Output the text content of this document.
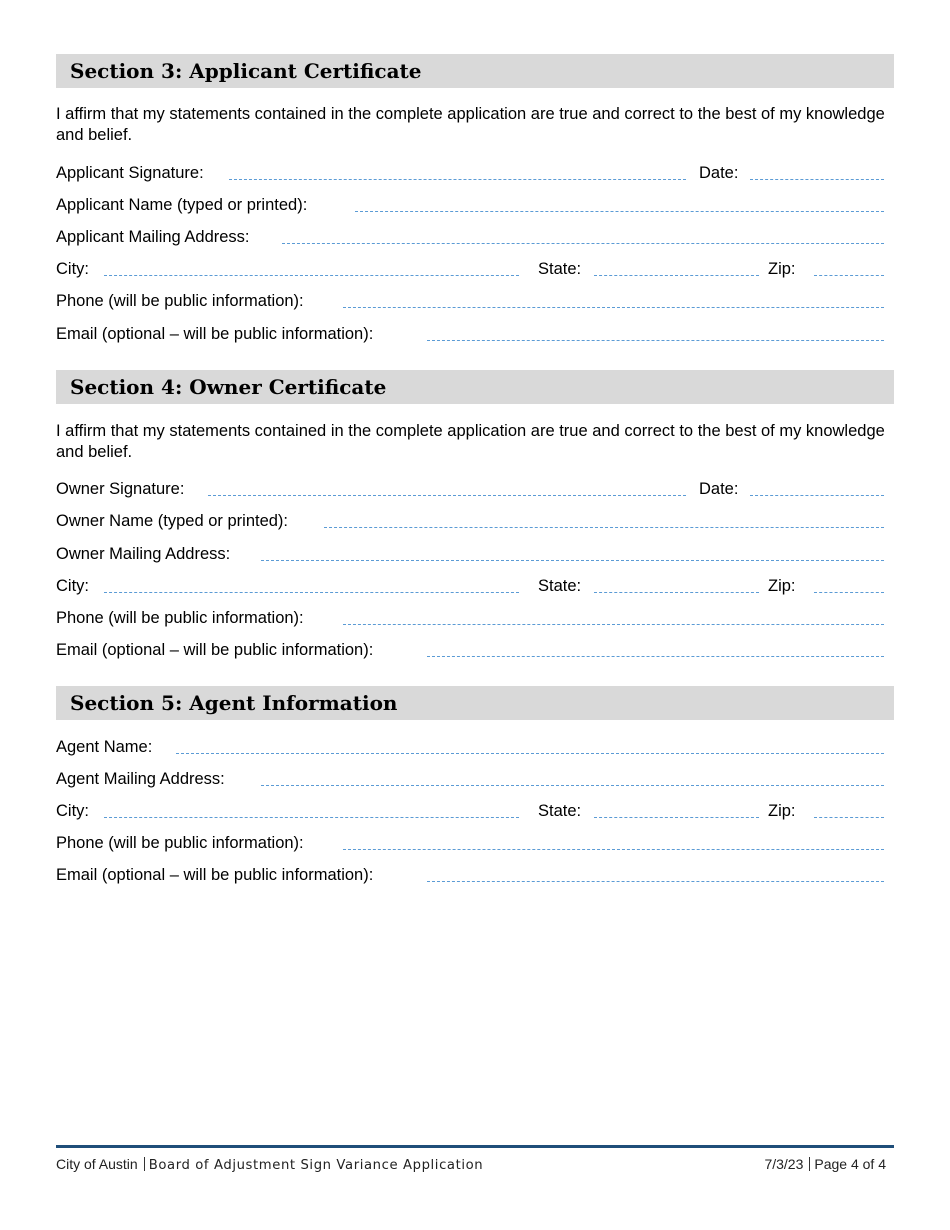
Section 3: Applicant Certificate
I affirm that my statements contained in the complete application are true and correct to the best of my knowledge and belief.
Applicant Signature:	Date:
Applicant Name (typed or printed):
Applicant Mailing Address:
City:	State:	Zip:
Phone (will be public information):
Email (optional – will be public information):
Section 4: Owner Certificate
I affirm that my statements contained in the complete application are true and correct to the best of my knowledge and belief.
Owner Signature:	Date:
Owner Name (typed or printed):
Owner Mailing Address:
City:	State:	Zip:
Phone (will be public information):
Email (optional – will be public information):
Section 5: Agent Information
Agent Name:
Agent Mailing Address:
City:	State:	Zip:
Phone (will be public information):
Email (optional – will be public information):
City of Austin Board of Adjustment Sign Variance Application	7/3/23 Page 4 of 4
